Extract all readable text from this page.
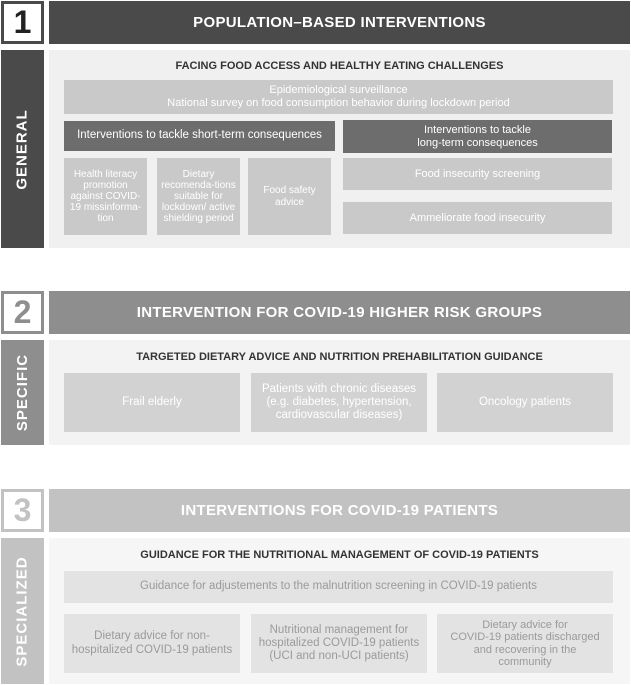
1	POPULATION–BASED INTERVENTIONS
GENERAL
FACING FOOD ACCESS AND HEALTHY EATING CHALLENGES
Epidemiological surveillance
National survey on food consumption behavior during lockdown period
Interventions to tackle short-term consequences	Interventions to tackle
long-term consequences
Health literacy promotion against COVID-19 missinforma-tion
Dietary recomenda-tions suitable for lockdown/ active shielding period
Food safety advice
Food insecurity screening
Ammeliorate food insecurity
2	INTERVENTION FOR COVID-19 HIGHER RISK GROUPS
SPECIFIC	TARGETED DIETARY ADVICE AND NUTRITION PREHABILITATION GUIDANCE
Frail elderly
Patients with chronic diseases
(e.g. diabetes, hypertension,
cardiovascular diseases)
Oncology patients
3	INTERVENTIONS FOR COVID-19 PATIENTS
SPECIALIZED
GUIDANCE FOR THE NUTRITIONAL MANAGEMENT OF COVID-19 PATIENTS
Guidance for adjustements to the malnutrition screening in COVID-19 patients
Dietary advice for non-
hospitalized COVID-19 patients
Nutritional management for
hospitalized COVID-19 patients
(UCI and non-UCI patients)
Dietary advice for
COVID-19 patients discharged
and recovering in the
community
